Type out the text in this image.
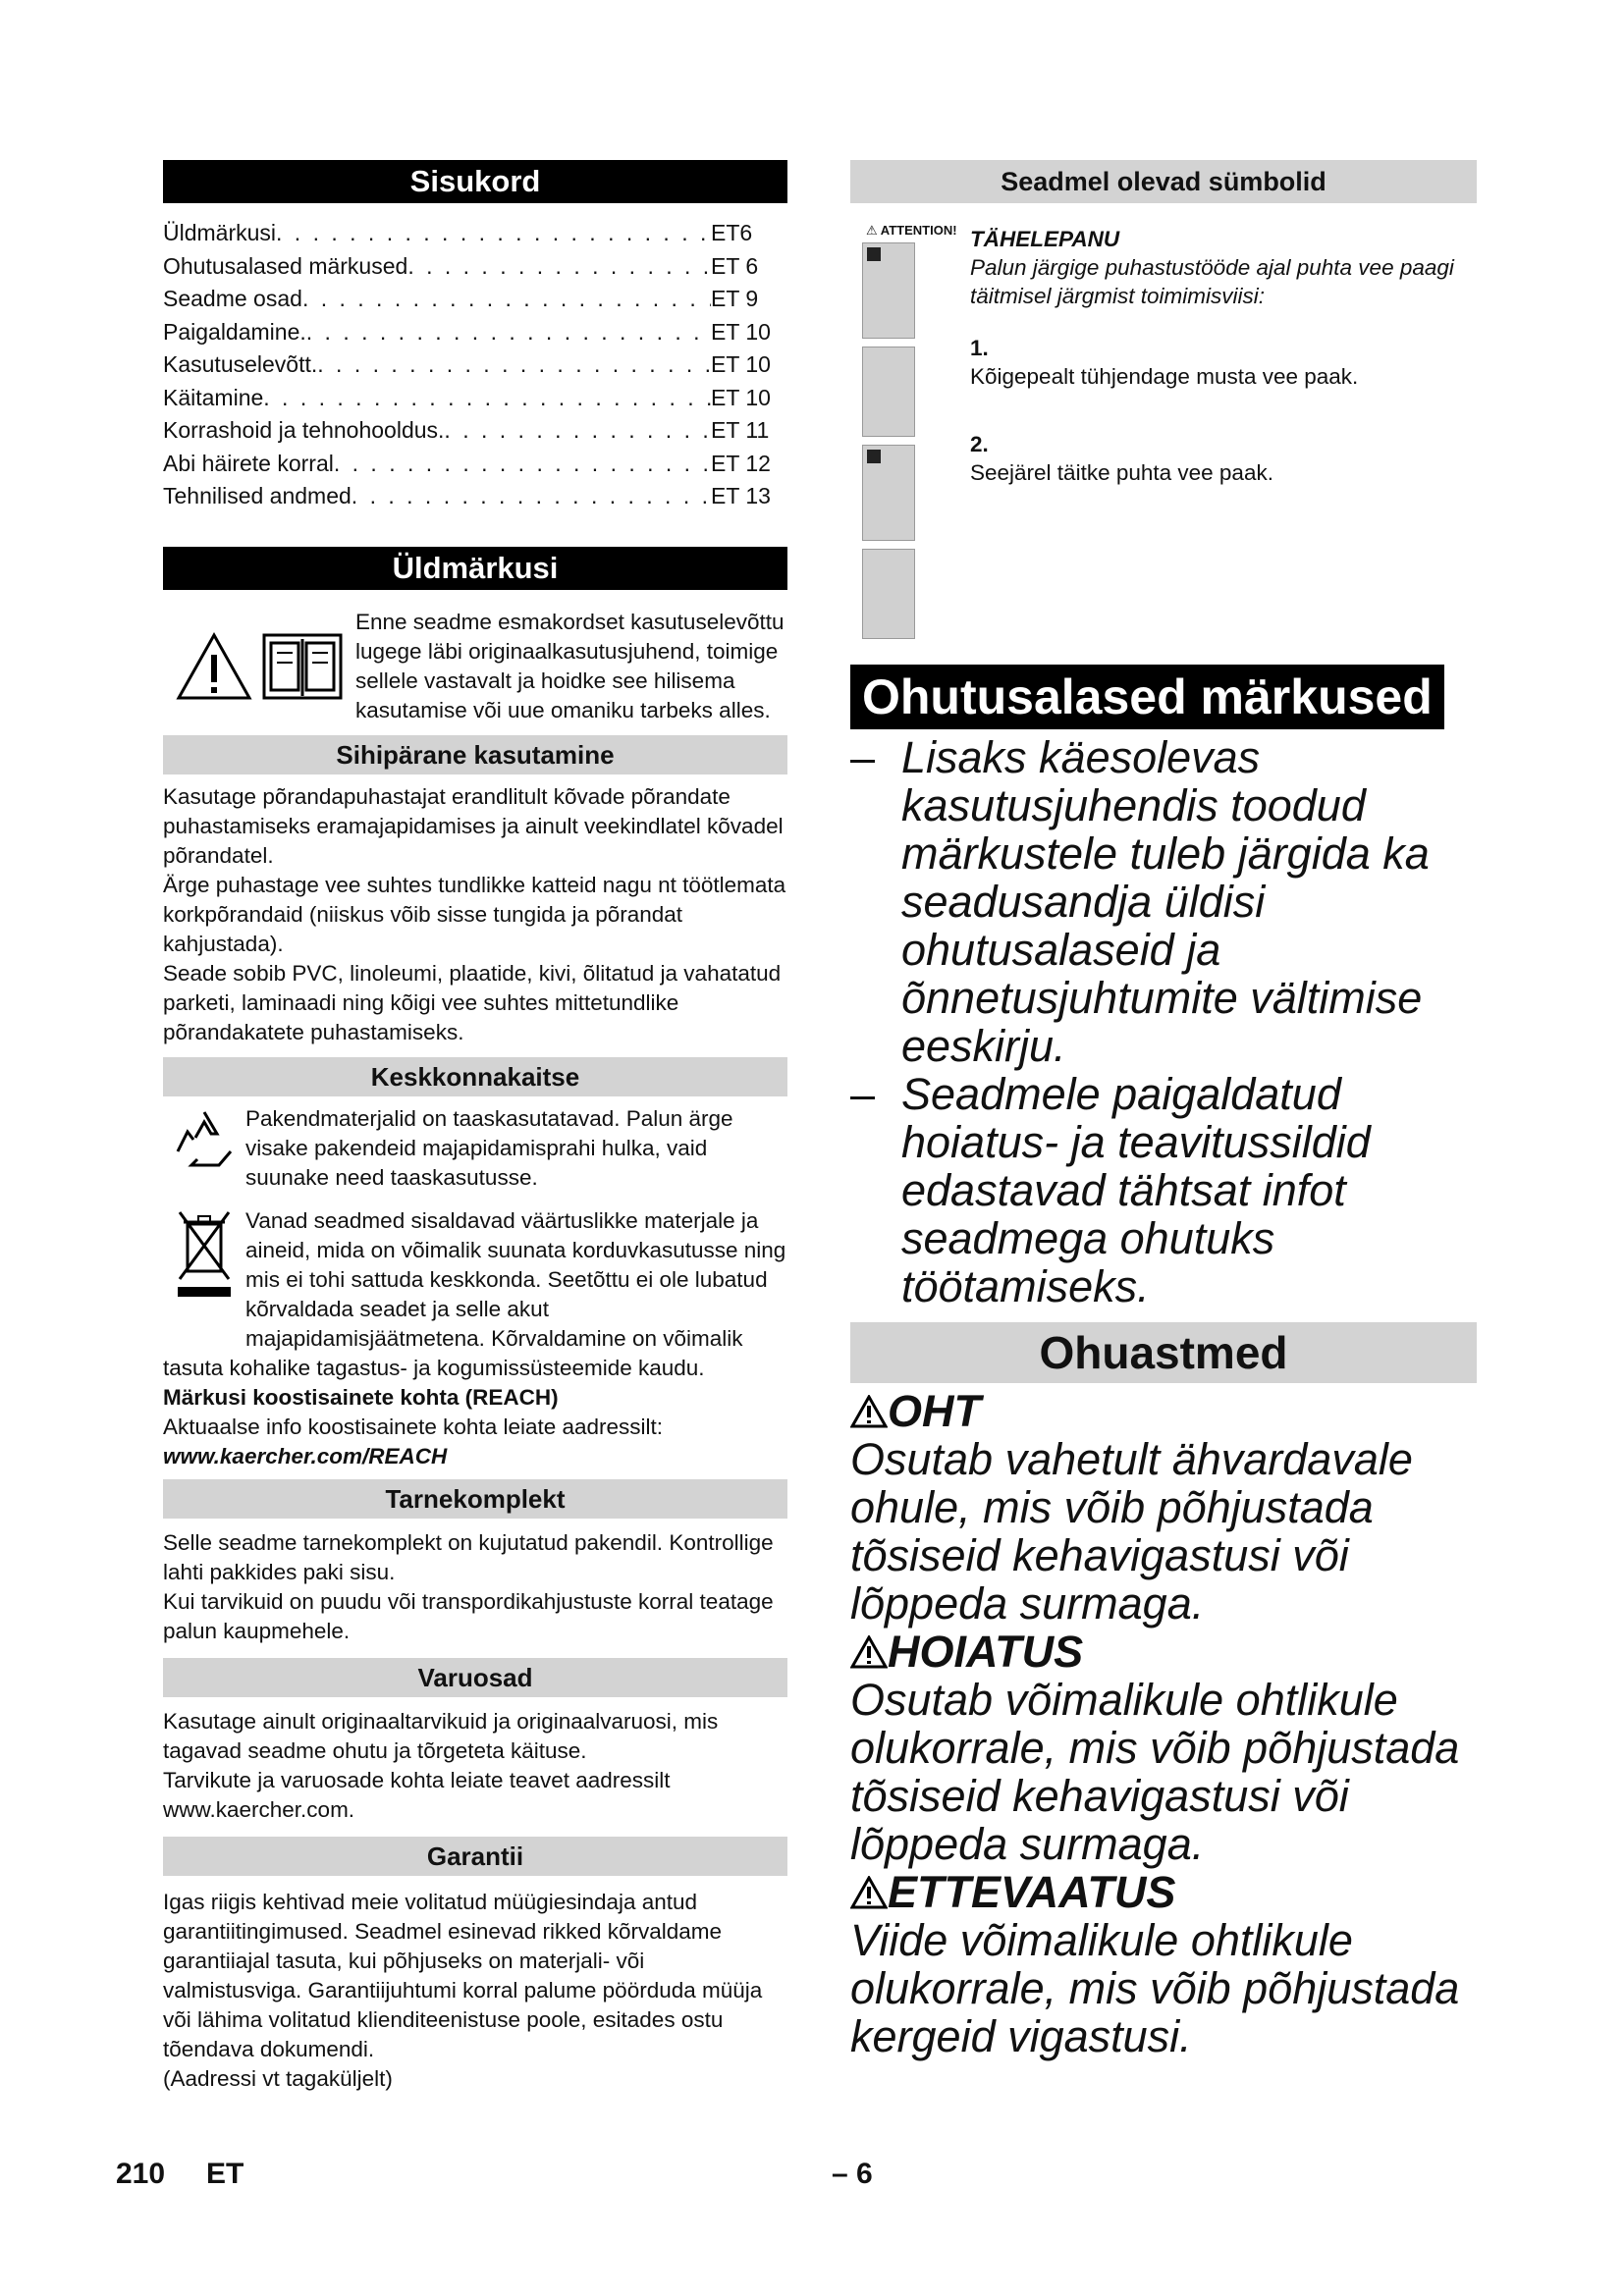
Sisukord
Üldmärkusi . . .	ET6
Ohutusalased märkused . . .	ET 6
Seadme osad . . .	ET 9
Paigaldamine. . . .	ET 10
Kasutuselevõtt. . . .	ET 10
Käitamine . . .	ET 10
Korrashoid ja tehnohooldus. . . .	ET 11
Abi häirete korral . . .	ET 12
Tehnilised andmed . . .	ET 13
Üldmärkusi
Enne seadme esmakordset kasutuselevõttu lugege läbi originaalkasutusjuhend, toimige sellele vastavalt ja hoidke see hilisema kasutamise või uue omaniku tarbeks alles.
Sihipärane kasutamine

Kasutage põrandapuhastajat erandlitult kõvade põrandate puhastamiseks eramajapidamises ja ainult veekindlatel kõvadel põrandatel.

Ärge puhastage vee suhtes tundlikke katteid nagu nt töötlemata korkpõrandaid (niiskus võib sisse tungida ja põrandat kahjustada).

Seade sobib PVC, linoleumi, plaatide, kivi, õlitatud ja vahatatud parketi, laminaadi ning kõigi vee suhtes mittetundlike põrandakatete puhastamiseks.

Keskkonnakaitse
Pakendmaterjalid on taaskasutatavad. Palun ärge visake pakendeid majapidamisprahi hulka, vaid suunake need taaskasutusse.
Vanad seadmed sisaldavad väärtuslikke materjale ja aineid, mida on võimalik suunata korduvkasutusse ning mis ei tohi sattuda keskkonda. Seetõttu ei ole lubatud kõrvaldada seadet ja selle akut majapidamisjäätmetena. Kõrvaldamine on võimalik tasuta kohalike tagastus- ja kogumissüsteemide kaudu.
Märkusi koostisainete kohta (REACH)
Aktuaalse info koostisainete kohta leiate aadressilt:
www.kaercher.com/REACH
Tarnekomplekt

Selle seadme tarnekomplekt on kujutatud pakendil. Kontrollige lahti pakkides paki sisu.

Kui tarvikuid on puudu või transpordikahjustuste korral teatage palun kaupmehele.

Varuosad

Kasutage ainult originaaltarvikuid ja originaalvaruosi, mis tagavad seadme ohutu ja tõrgeteta käituse.

Tarvikute ja varuosade kohta leiate teavet aadressilt www.kaercher.com.

Garantii

Igas riigis kehtivad meie volitatud müügiesindaja antud garantiitingimused. Seadmel esinevad rikked kõrvaldame garantiiajal tasuta, kui põhjuseks on materjali- või valmistusviga. Garantiijuhtumi korral palume pöörduda müüja või lähima volitatud klienditeenistuse poole, esitades ostu tõendava dokumendi.

(Aadressi vt tagaküljelt)

Seadmel olevad sümbolid
⚠ ATTENTION! TÄHELEPANU
Palun järgige puhastustööde ajal puhta vee paagi täitmisel järgmist toimimisviisi:
1.
Kõigepealt tühjendage musta vee paak.
2.
Seejärel täitke puhta vee paak.
Ohutusalased märkused
– Lisaks käesolevas kasutusjuhendis toodud märkustele tuleb järgida ka seadusandja üldisi ohutusalaseid ja õnnetusjuhtumite vältimise eeskirju.
– Seadmele paigaldatud hoiatus- ja teavitussildid edastavad tähtsat infot seadmega ohutuks töötamiseks.
Ohuastmed
OHT
Osutab vahetult ähvardavale ohule, mis võib põhjustada tõsiseid kehavigastusi või lõppeda surmaga.
HOIATUS
Osutab võimalikule ohtlikule olukorrale, mis võib põhjustada tõsiseid kehavigastusi või lõppeda surmaga.
ETTEVAATUS
Viide võimalikule ohtlikule olukorrale, mis võib põhjustada kergeid vigastusi.
210 ET	– 6
